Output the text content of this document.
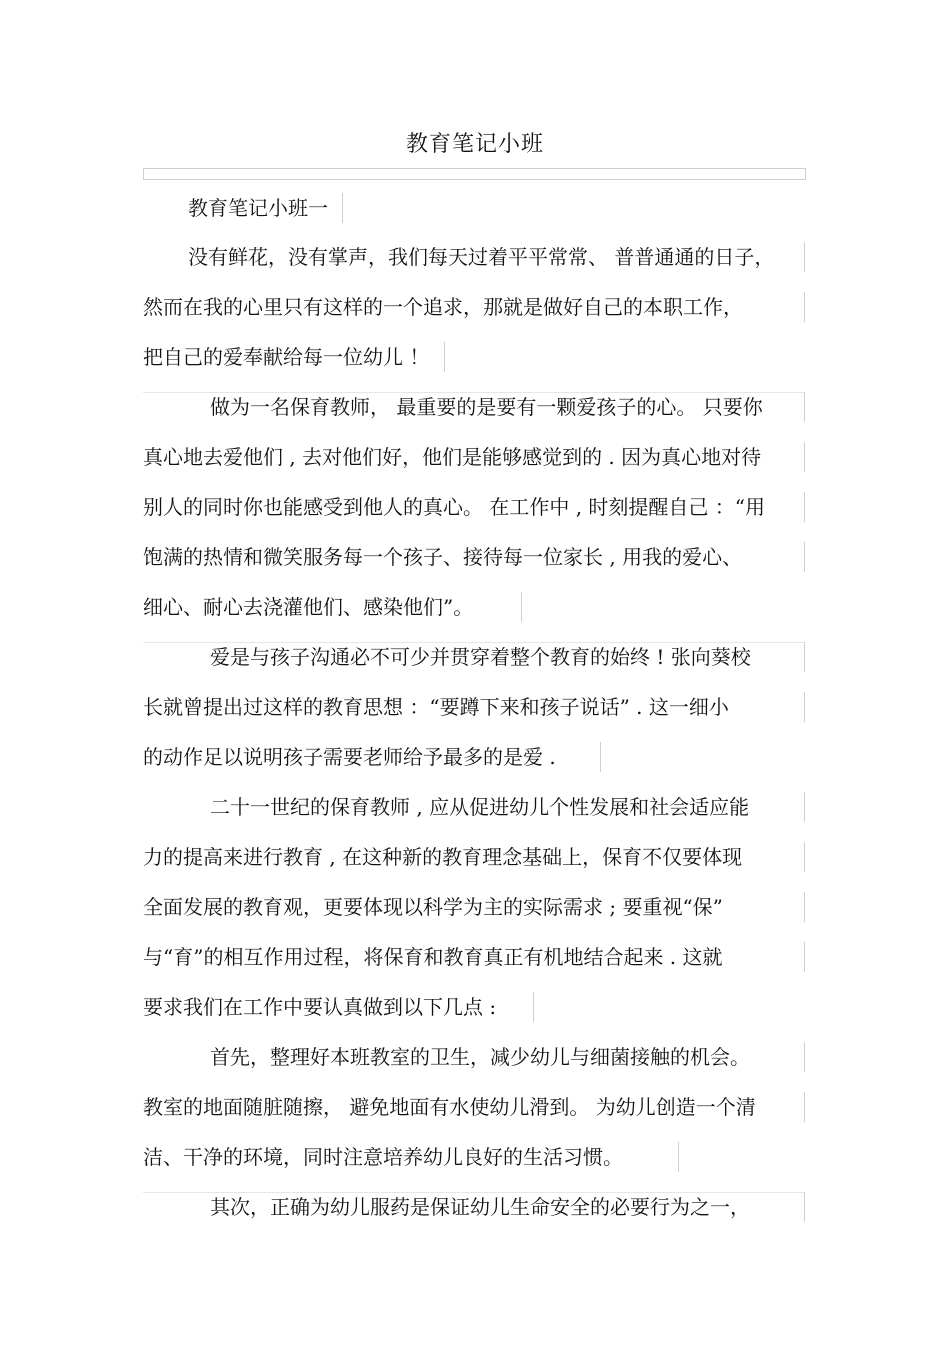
教育笔记小班
教育笔记小班一
没有鲜花，没有掌声，我们每天过着平平常常、 普普通通的日子，
然而在我的心里只有这样的一个追求，那就是做好自己的本职工作，
把自己的爱奉献给每一位幼儿 ！
做为一名保育教师， 最重要的是要有一颗爱孩子的心。 只要你
真心地去爱他们 , 去对他们好，他们是能够感觉到的 . 因为真心地对待
别人的同时你也能感受到他人的真心。 在工作中 , 时刻提醒自己 ：“用
饱满的热情和微笑服务每一个孩子、接待每一位家长 , 用我的爱心、
细心、耐心去浇灌他们、感染他们”。
爱是与孩子沟通必不可少并贯穿着整个教育的始终 ! 张向葵校
长就曾提出过这样的教育思想 ：“要蹲下来和孩子说话” . 这一细小
的动作足以说明孩子需要老师给予最多的是爱 .
二十一世纪的保育教师 , 应从促进幼儿个性发展和社会适应能
力的提高来进行教育 , 在这种新的教育理念基础上，保育不仅要体现
全面发展的教育观，更要体现以科学为主的实际需求 ; 要重视“保”
与“育”的相互作用过程，将保育和教育真正有机地结合起来 . 这就
要求我们在工作中要认真做到以下几点 :
首先，整理好本班教室的卫生，减少幼儿与细菌接触的机会。
教室的地面随脏随擦， 避免地面有水使幼儿滑到。 为幼儿创造一个清
洁、干净的环境，同时注意培养幼儿良好的生活习惯。
其次，正确为幼儿服药是保证幼儿生命安全的必要行为之一，
